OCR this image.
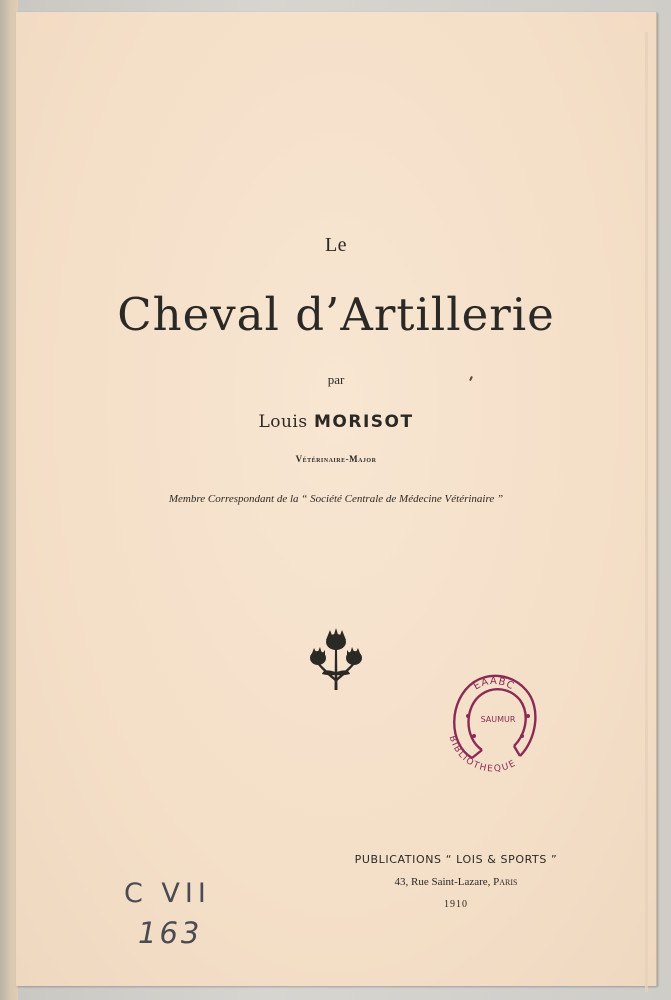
Le
Cheval d’Artillerie
par
Louis MORISOT
Vétérinaire-Major
Membre Correspondant de la “ Société Centrale de Médecine Vétérinaire ”
EAABC
SAUMUR
BIBLIOTHEQUE
PUBLICATIONS “ LOIS & SPORTS ”
43, Rue Saint-Lazare, Paris
1910
C VII
163
